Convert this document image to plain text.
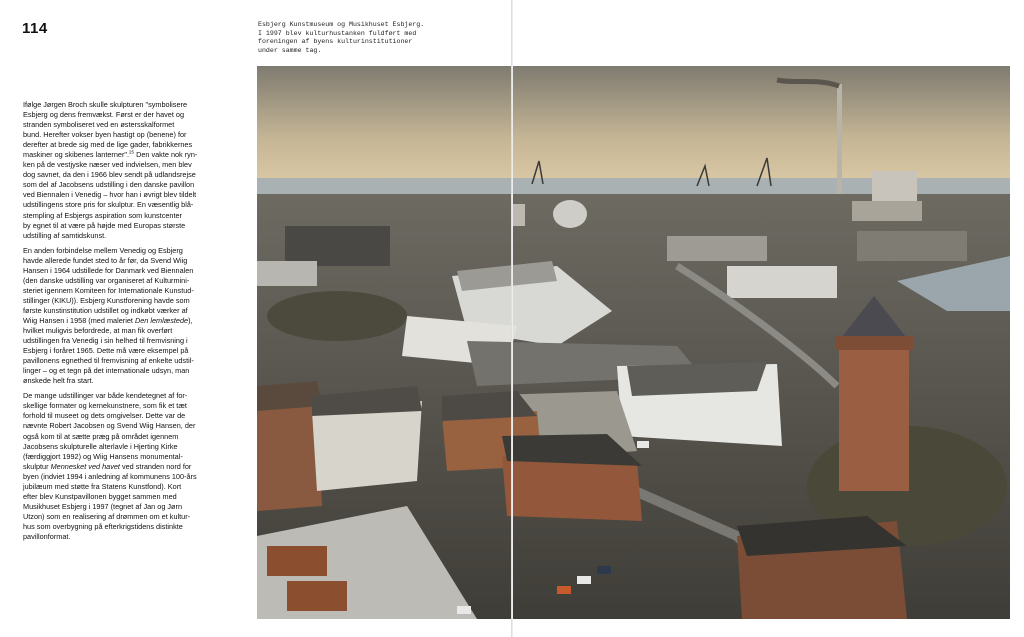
114	Esbjerg Kunstmuseum og Musikhuset Esbjerg.
I 1997 blev kulturhustanken fuldført med
foreningen af byens kulturinstitutioner
under samme tag.

Ifølge Jørgen Broch skulle skulpturen "symbolisere
Esbjerg og dens fremvækst. Først er der havet og
stranden symboliseret ved en østersskalformet
bund. Herefter vokser byen hastigt op (benene) for
derefter at brede sig med de lige gader, fabrikkernes
maskiner og skibenes lanterner".$^{25}$ Den vakte nok ryn-
ken på de vestjyske næser ved indvielsen, men blev
dog savnet, da den i 1966 blev sendt på udlandsrejse
som del af Jacobsens udstilling i den danske pavillon
ved Biennalen i Venedig – hvor han i øvrigt blev tildelt
udstillingens store pris for skulptur. En væsentlig blå-
stempling af Esbjergs aspiration som kunstcenter
by egnet til at være på højde med Europas største
udstilling af samtidskunst.

En anden forbindelse mellem Venedig og Esbjerg
havde allerede fundet sted to år før, da Svend Wiig
Hansen i 1964 udstillede for Danmark ved Biennalen
(den danske udstilling var organiseret af Kulturmini-
steriet igennem Komiteen for Internationale Kunstud-
stillinger (KIKU)). Esbjerg Kunstforening havde som
første kunstinstitution udstillet og indkøbt værker af
Wiig Hansen i 1958 (med maleriet Den lemlæstede),
hvilket muligvis befordrede, at man fik overført
udstillingen fra Venedig i sin helhed til fremvisning i
Esbjerg i foråret 1965. Dette må være eksempel på
pavillonens egnethed til fremvisning af enkelte udstil-
linger – og et tegn på det internationale udsyn, man
ønskede helt fra start.

De mange udstillinger var både kendetegnet af for-
skellige formater og kernekunstnere, som fik et tæt
forhold til museet og dets omgivelser. Dette var de
nævnte Robert Jacobsen og Svend Wiig Hansen, der
også kom til at sætte præg på området igennem
Jacobsens skulpturelle alterlavle i Hjerting Kirke
(færdiggjort 1992) og Wiig Hansens monumental-
skulptur Mennesket ved havet ved stranden nord for
byen (indviet 1994 i anledning af kommunens 100-års
jubilæum med støtte fra Statens Kunstfond). Kort
efter blev Kunstpavillonen bygget sammen med
Musikhuset Esbjerg i 1997 (tegnet af Jan og Jørn
Utzon) som en realisering af drømmen om et kultur-
hus som overbygning på efterkrigstidens distinkte
pavillonformat.
